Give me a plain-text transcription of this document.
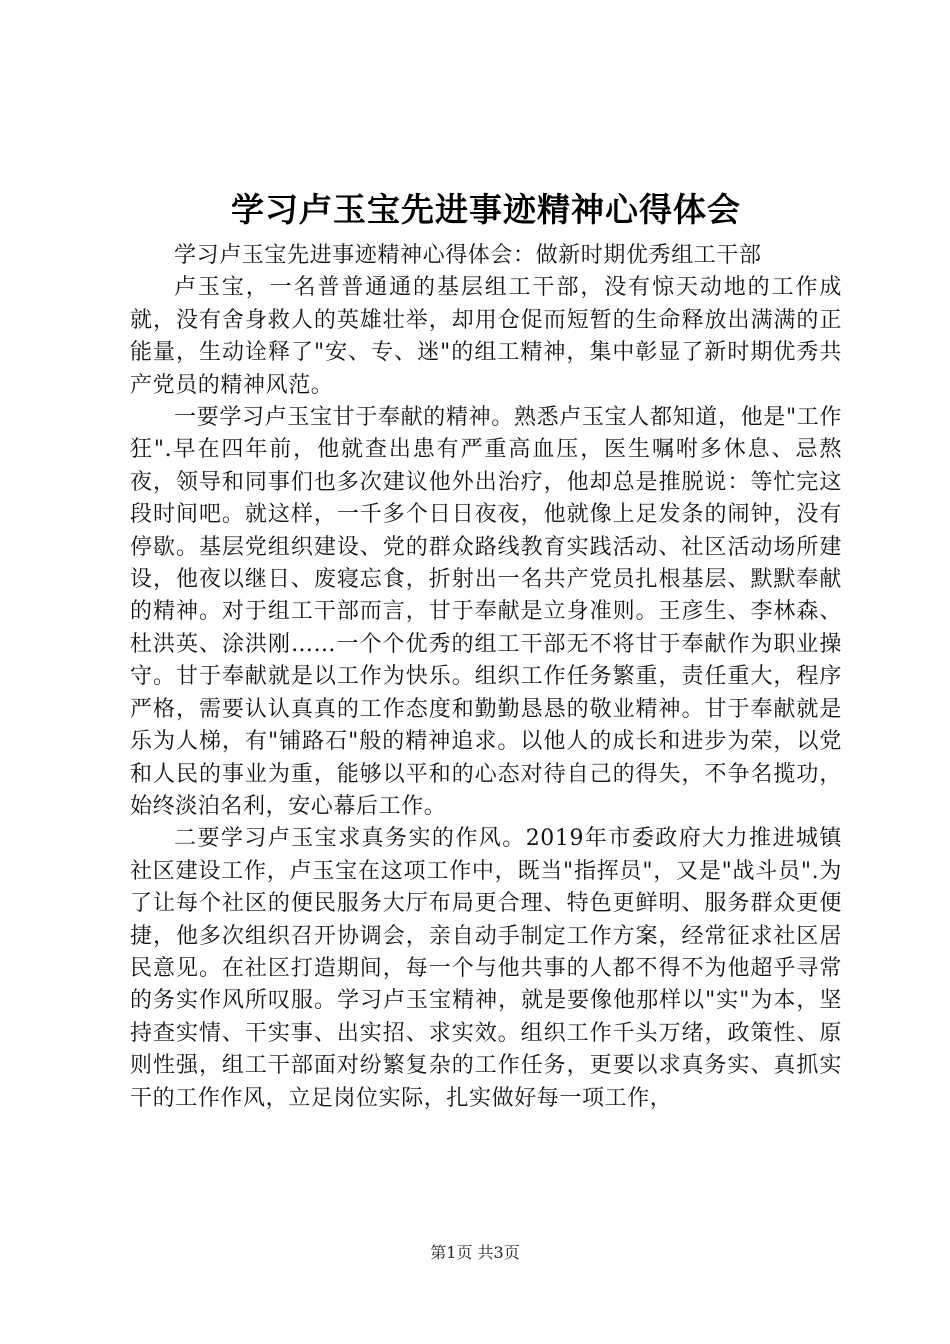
学习卢玉宝先进事迹精神心得体会

学习卢玉宝先进事迹精神心得体会：做新时期优秀组工干部

卢玉宝，一名普普通通的基层组工干部，没有惊天动地的工作成就，没有舍身救人的英雄壮举，却用仓促而短暂的生命释放出满满的正能量，生动诠释了"安、专、迷"的组工精神，集中彰显了新时期优秀共产党员的精神风范。

一要学习卢玉宝甘于奉献的精神。熟悉卢玉宝人都知道，他是"工作狂".早在四年前，他就查出患有严重高血压，医生嘱咐多休息、忌熬夜，领导和同事们也多次建议他外出治疗，他却总是推脱说：等忙完这段时间吧。就这样，一千多个日日夜夜，他就像上足发条的闹钟，没有停歇。基层党组织建设、党的群众路线教育实践活动、社区活动场所建设，他夜以继日、废寝忘食，折射出一名共产党员扎根基层、默默奉献的精神。对于组工干部而言，甘于奉献是立身准则。王彦生、李林森、杜洪英、涂洪刚……一个个优秀的组工干部无不将甘于奉献作为职业操守。甘于奉献就是以工作为快乐。组织工作任务繁重，责任重大，程序严格，需要认认真真的工作态度和勤勤恳恳的敬业精神。甘于奉献就是乐为人梯，有"铺路石"般的精神追求。以他人的成长和进步为荣，以党和人民的事业为重，能够以平和的心态对待自己的得失，不争名揽功，始终淡泊名利，安心幕后工作。

二要学习卢玉宝求真务实的作风。2019年市委政府大力推进城镇社区建设工作，卢玉宝在这项工作中，既当"指挥员"，又是"战斗员".为了让每个社区的便民服务大厅布局更合理、特色更鲜明、服务群众更便捷，他多次组织召开协调会，亲自动手制定工作方案，经常征求社区居民意见。在社区打造期间，每一个与他共事的人都不得不为他超乎寻常的务实作风所叹服。学习卢玉宝精神，就是要像他那样以"实"为本，坚持查实情、干实事、出实招、求实效。组织工作千头万绪，政策性、原则性强，组工干部面对纷繁复杂的工作任务，更要以求真务实、真抓实干的工作作风，立足岗位实际，扎实做好每一项工作，

第1页 共3页
